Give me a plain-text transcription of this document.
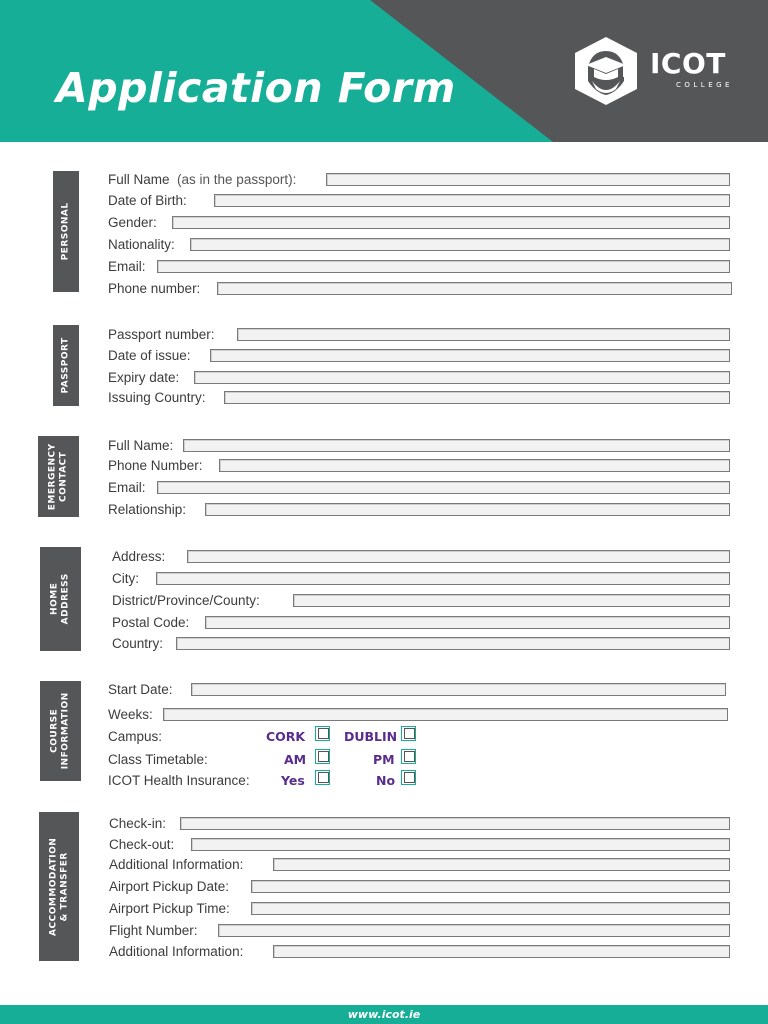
Application Form
ICOT
COLLEGE
PERSONAL
PASSPORT
EMERGENCY CONTACT
HOME ADDRESS
COURSE INFORMATION
ACCOMMODATION & TRANSFER
Full Name (as in the passport):
Date of Birth:
Gender:
Nationality:
Email:
Phone number:
Passport number:
Date of issue:
Expiry date:
Issuing Country:
Full Name:
Phone Number:
Email:
Relationship:
Address:
City:
District/Province/County:
Postal Code:
Country:
Start Date:
Weeks:
Campus:	CORK	DUBLIN
Class Timetable:	AM	PM
ICOT Health Insurance:	Yes	No
Check-in:
Check-out:
Additional Information:
Airport Pickup Date:
Airport Pickup Time:
Flight Number:
Additional Information:
www.icot.ie
